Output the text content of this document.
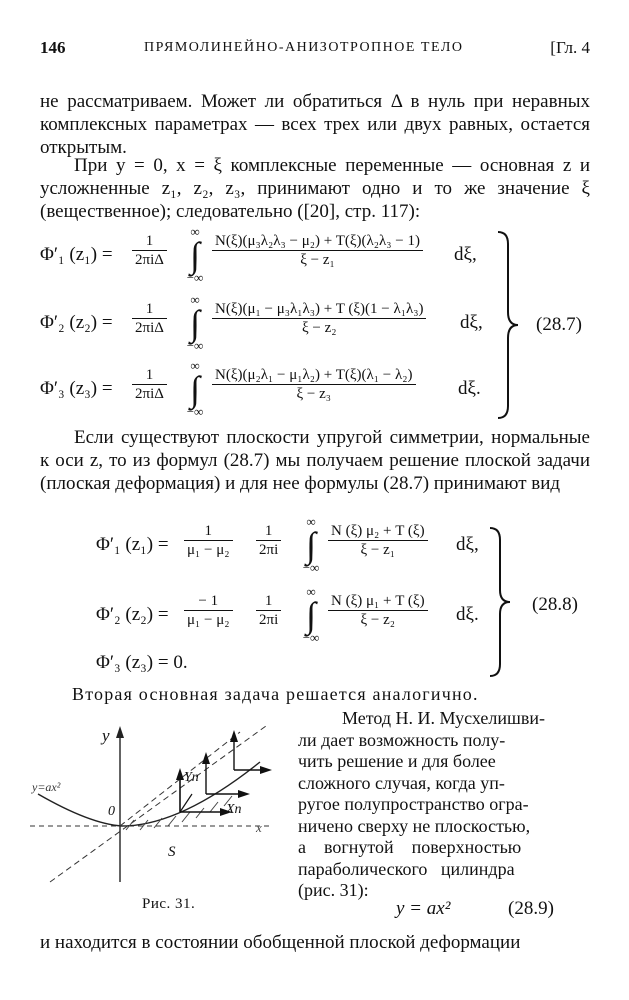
146	ПРЯМОЛИНЕЙНО-АНИЗОТРОПНОЕ ТЕЛО	[Гл. 4

не рассматриваем. Может ли обратиться Δ в нуль при неравных комплексных параметрах — всех трех или двух равных, остается открытым.

При y = 0, x = ξ комплексные переменные — основная z и усложненные z₁, z₂, z₃, принимают одно и то же значение ξ (вещественное); следовательно ([20], стр. 117):

Φ′₁ $(z_1) = \frac{1}{\text{2πiΔ}}$
∞
∫
−∞
$\frac{\text{N(ξ)(μ₃λ₂λ₃ − μ₂) + T(ξ)(λ₂λ₃ − 1)}}{\text{ξ − z₁}} d\xi$,
Φ′₂ $(z_2) = \frac{1}{\text{2πiΔ}}$
∞
∫
−∞
$\frac{\text{N(ξ)(μ₁ − μ₃λ₁λ₃) + T (ξ)(1 − λ₁λ₃)}}{\text{ξ − z₂}} d\xi$,
Φ′₃ $(z_3) = \frac{1}{\text{2πiΔ}}$
∞
∫
−∞
$\frac{\text{N(ξ)(μ₂λ₁ − μ₁λ₂) + T(ξ)(λ₁ − λ₂)}}{\text{ξ − z₃}} d\xi$.
(28.7)

Если существуют плоскости упругой симметрии, нормальные к оси z, то из формул (28.7) мы получаем решение плоской задачи (плоская деформация) и для нее формулы (28.7) принимают вид

Φ′₁ $(z_1) = \frac{1}{\text{μ₁ − μ₂}} \frac{1}{2\pi i}$
∞
∫
−∞
$\frac{\text{N (ξ) μ₂ + T (ξ)}}{\text{ξ − z₁}} d\xi$,
Φ′₂ $(z_2) = \frac{- 1}{\text{μ₁ − μ₂}} \frac{1}{2\pi i}$
∞
∫
−∞
$\frac{\text{N (ξ) μ₁ + T (ξ)}}{\text{ξ − z₂}} d\xi$.
Φ′₃ (z₃) = 0.
(28.8)
Вторая основная задача решается аналогично.
Метод Н. И. Мусхелишви-
ли дает возможность полу-
чить решение и для более
сложного случая, когда уп-
ругое полупространство огра-
ничено сверху не плоскостью,
а    вогнутой    поверхностью
параболического   цилиндра
(рис. 31):
y = ax²	(28.9)
y
0
S
Yn
Xn
y=ax²
x
Рис. 31.
и находится в состоянии обобщенной плоской деформации
